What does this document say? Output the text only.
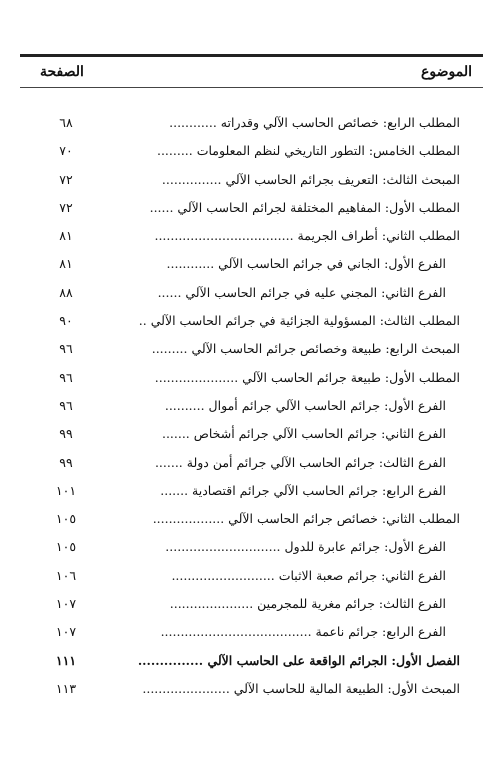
الموضوع
الصفحة
المطلب الرابع: خصائص الحاسب الآلي وقدراته ............
٦٨
المطلب الخامس: التطور التاريخي لنظم المعلومات .........
٧٠
المبحث الثالث: التعريف بجرائم الحاسب الآلي ...............
٧٢
المطلب الأول: المفاهيم المختلفة لجرائم الحاسب الآلي ......
٧٢
المطلب الثاني: أطراف الجريمة ...................................
٨١
الفرع الأول: الجاني في جرائم الحاسب الآلي ............
٨١
الفرع الثاني: المجني عليه في جرائم الحاسب الآلي ......
٨٨
المطلب الثالث: المسؤولية الجزائية في جرائم الحاسب الآلي ..
٩٠
المبحث الرابع: طبيعة وخصائص جرائم الحاسب الآلي .........
٩٦
المطلب الأول: طبيعة جرائم الحاسب الآلي .....................
٩٦
الفرع الأول: جرائم الحاسب الآلي جرائم أموال ..........
٩٦
الفرع الثاني: جرائم الحاسب الآلي جرائم أشخاص .......
٩٩
الفرع الثالث: جرائم الحاسب الآلي جرائم أمن دولة .......
٩٩
الفرع الرابع: جرائم الحاسب الآلي جرائم اقتصادية .......
١٠١
المطلب الثاني: خصائص جرائم الحاسب الآلي ..................
١٠٥
الفرع الأول: جرائم عابرة للدول .............................
١٠٥
الفرع الثاني: جرائم صعبة الاثبات ..........................
١٠٦
الفرع الثالث: جرائم مغرية للمجرمين .....................
١٠٧
الفرع الرابع: جرائم ناعمة ......................................
١٠٧
الفصل الأول: الجرائم الواقعة على الحاسب الآلي ...............
١١١
المبحث الأول: الطبيعة المالية للحاسب الآلي ......................
١١٣
